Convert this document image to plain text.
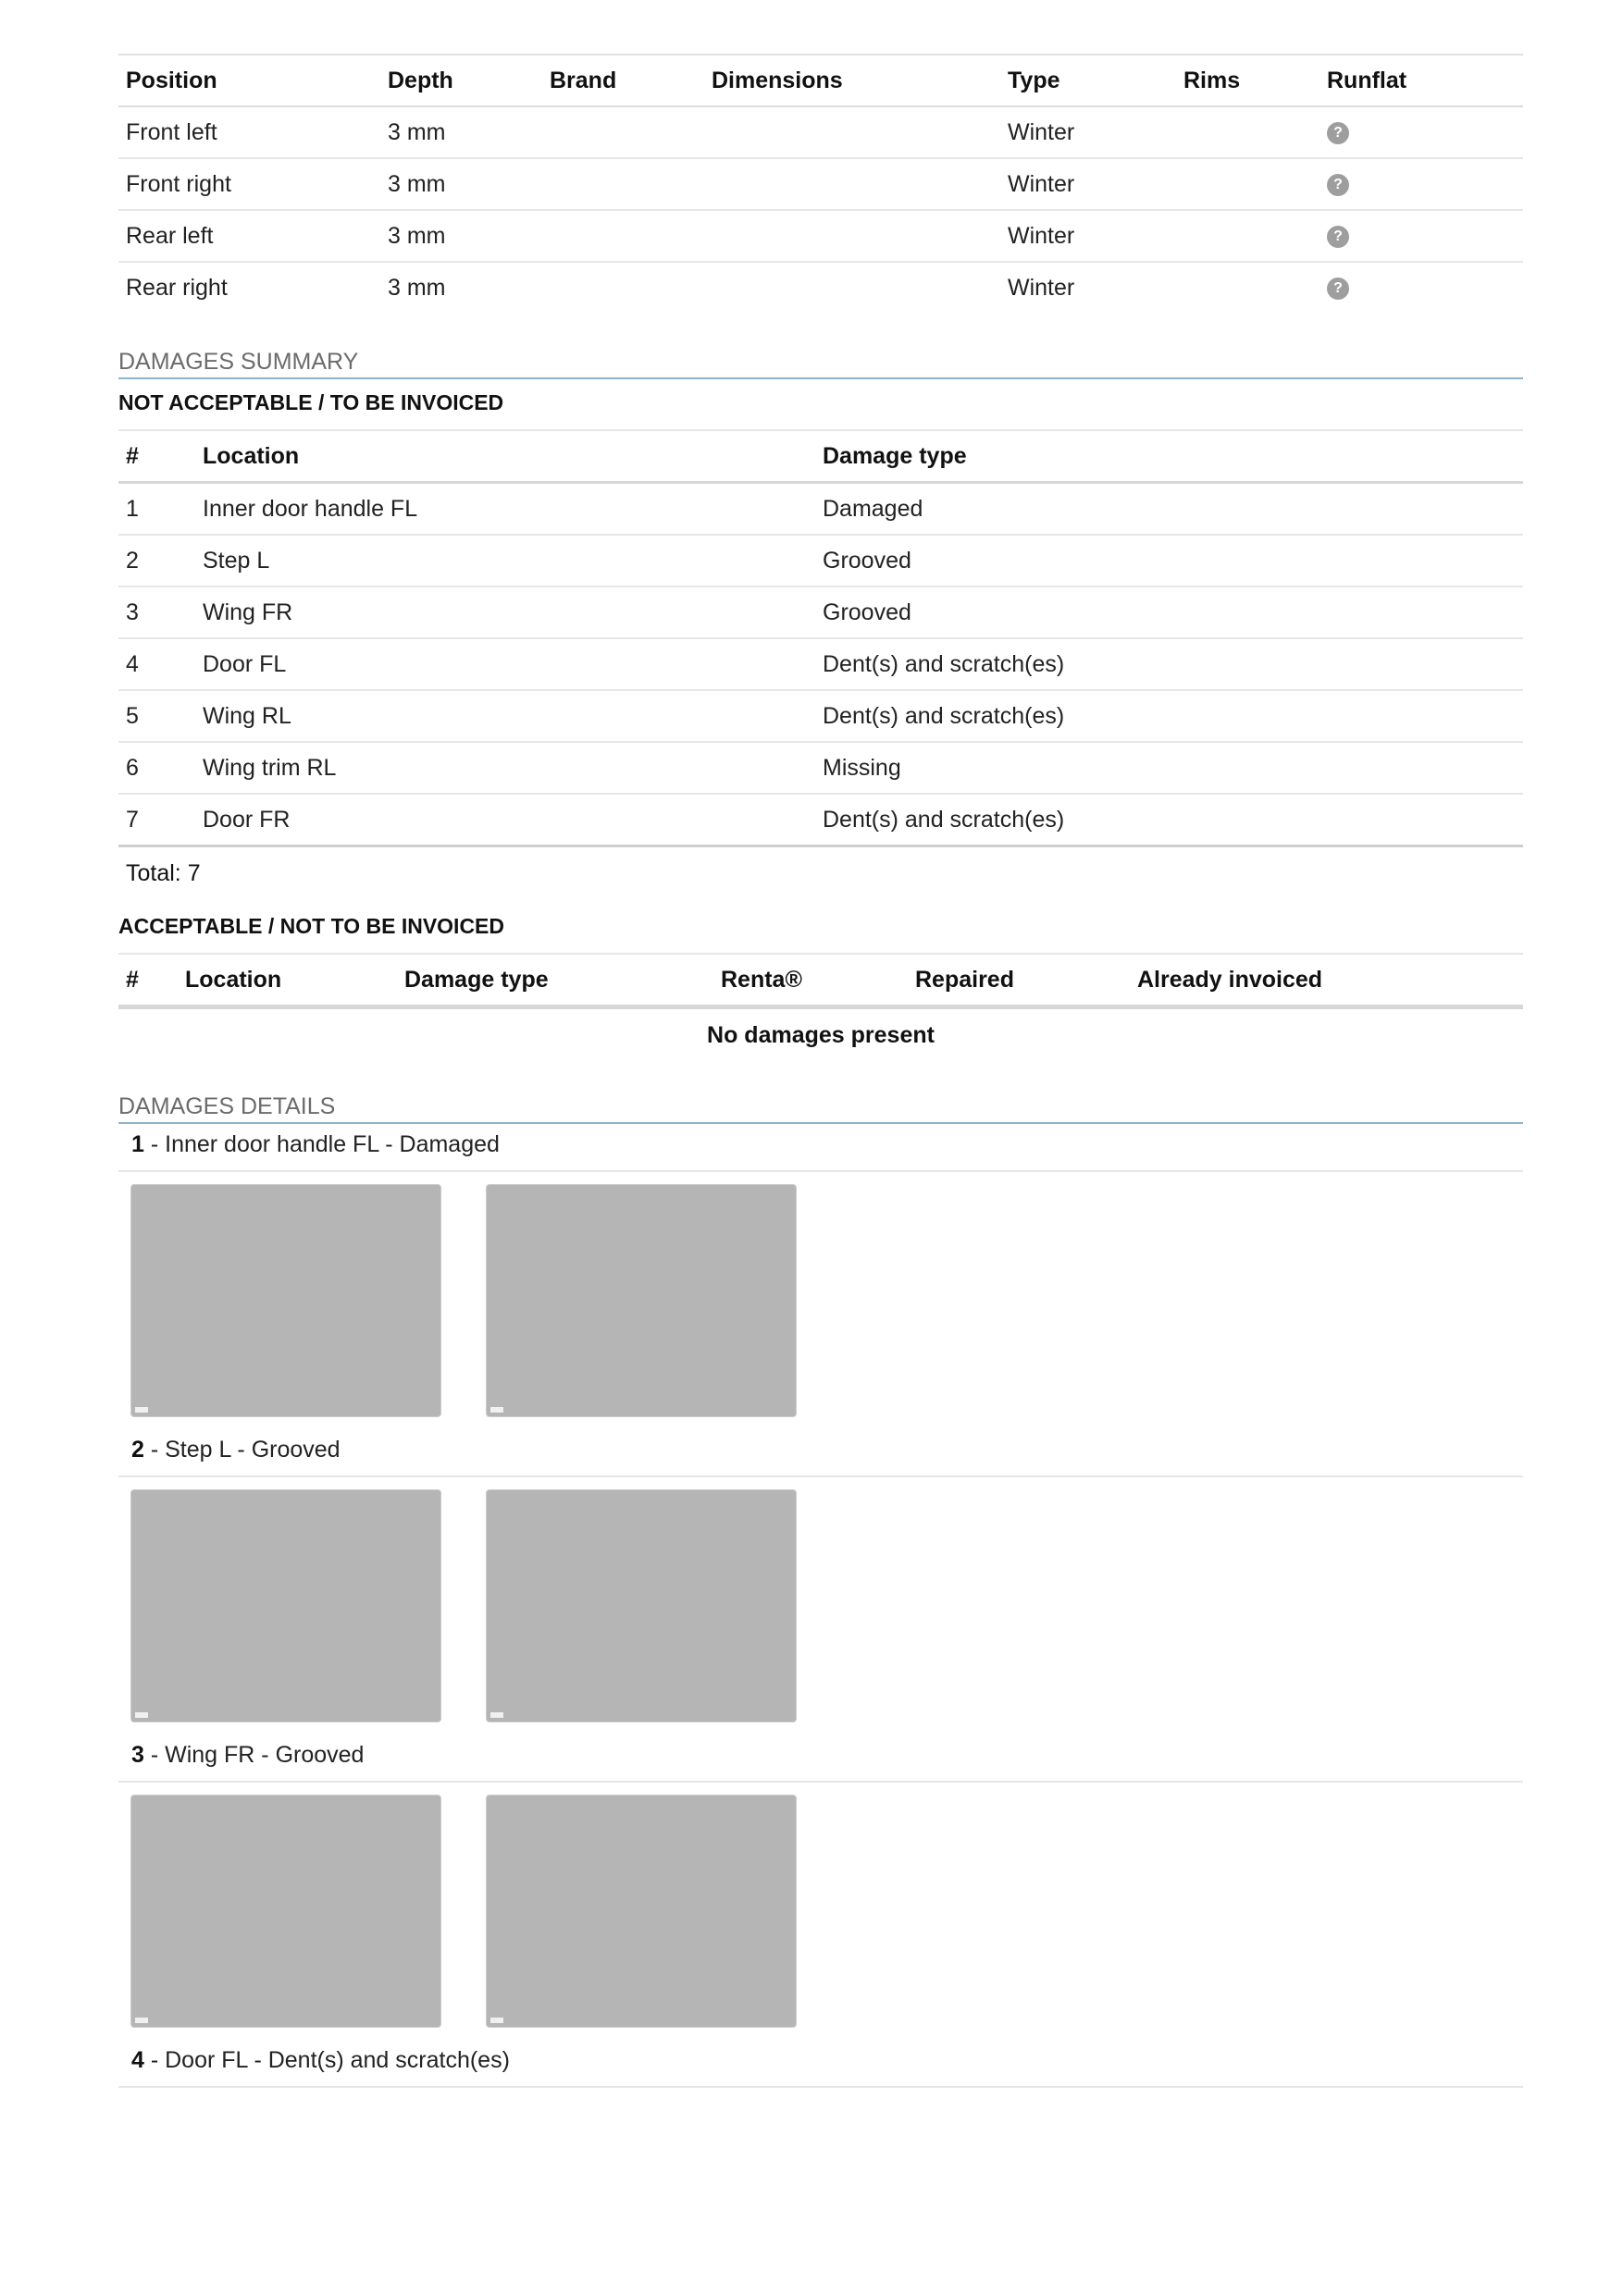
Position	Depth	Brand	Dimensions	Type	Rims	Runflat
Front left	3 mm			Winter		?
Front right	3 mm			Winter		?
Rear left	3 mm			Winter		?
Rear right	3 mm			Winter		?
DAMAGES SUMMARY
NOT ACCEPTABLE / TO BE INVOICED
#	Location	Damage type
1	Inner door handle FL	Damaged
2	Step L	Grooved
3	Wing FR	Grooved
4	Door FL	Dent(s) and scratch(es)
5	Wing RL	Dent(s) and scratch(es)
6	Wing trim RL	Missing
7	Door FR	Dent(s) and scratch(es)
Total: 7
ACCEPTABLE / NOT TO BE INVOICED
#	Location	Damage type	Renta®	Repaired	Already invoiced
No damages present
DAMAGES DETAILS
1 - Inner door handle FL - Damaged
2 - Step L - Grooved
3 - Wing FR - Grooved
4 - Door FL - Dent(s) and scratch(es)
